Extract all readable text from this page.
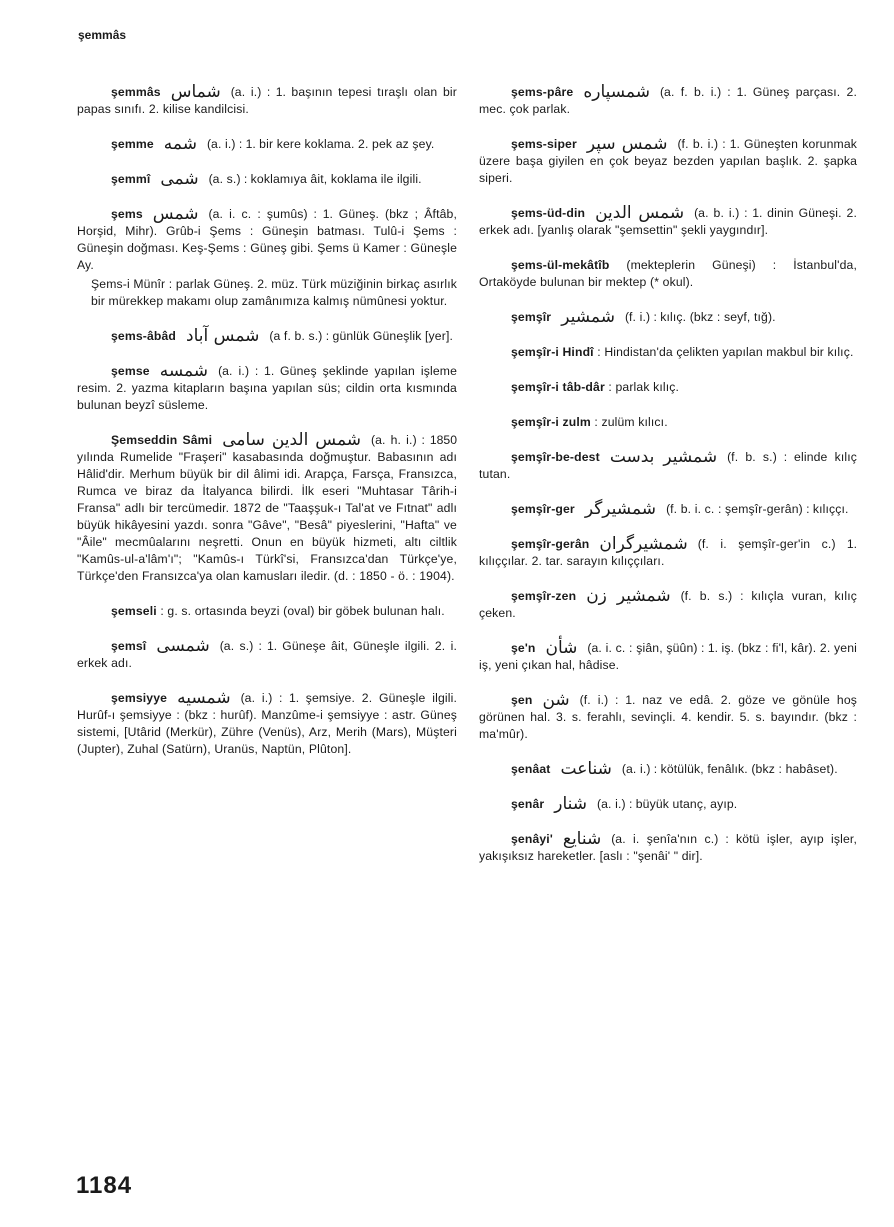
şemmâs
şemmâs شماس (a. i.) : 1. başının tepesi tıraşlı olan bir papas sınıfı. 2. kilise kandilcisi.
şemme شمه (a. i.) : 1. bir kere koklama. 2. pek az şey.
şemmî شمی (a. s.) : koklamıya âit, koklama ile ilgili.
şems شمس (a. i. c. : şumûs) : 1. Güneş. (bkz ; Âftâb, Horşid, Mihr). Grûb-i Şems : Güneşin batması. Tulû-i Şems : Güneşin doğması. Keş-Şems : Güneş gibi. Şems ü Kamer : Güneşle Ay.
Şems-i Münîr : parlak Güneş. 2. müz. Türk müziğinin birkaç asırlık bir mürekkep makamı olup zamânımıza kalmış nümûnesi yoktur.
şems-âbâd شمس آباد (a f. b. s.) : günlük Güneşlik [yer].
şemse شمسه (a. i.) : 1. Güneş şeklinde yapılan işleme resim. 2. yazma kitapların başına yapılan süs; cildin orta kısmında bulunan beyzî süsleme.
Şemseddin Sâmi شمس الدين سامى (a. h. i.) : 1850 yılında Rumelide "Fraşeri" kasabasında doğmuştur. Babasının adı Hâlid'dir. Merhum büyük bir dil âlimi idi. Arapça, Farsça, Fransızca, Rumca ve biraz da İtalyanca bilirdi. İlk eseri "Muhtasar Târih-i Fransa" adlı bir tercümedir. 1872 de "Taaşşuk-ı Tal'at ve Fıtnat" adlı büyük hikâyesini yazdı. sonra "Gâve", "Besâ" piyeslerini, "Hafta" ve "Âile" mecmûalarını neşretti. Onun en büyük hizmeti, altı ciltlik "Kamûs-ul-a'lâm'ı"; "Kamûs-ı Türkî'si, Fransızca'dan Türkçe'ye, Türkçe'den Fransızca'ya olan kamusları iledir. (d. : 1850 - ö. : 1904).
şemseli : g. s. ortasında beyzi (oval) bir göbek bulunan halı.
şemsî شمسى (a. s.) : 1. Güneşe âit, Güneşle ilgili. 2. i. erkek adı.
şemsiyye شمسيه (a. i.) : 1. şemsiye. 2. Güneşle ilgili. Hurûf-ı şemsiyye : (bkz : hurûf). Manzûme-i şemsiyye : astr. Güneş sistemi, [Utârid (Merkür), Zühre (Venüs), Arz, Merih (Mars), Müşteri (Jupter), Zuhal (Satürn), Uranüs, Naptün, Plûton].
şems-pâre شمسپاره (a. f. b. i.) : 1. Güneş parçası. 2. mec. çok parlak.
şems-siper شمس سپر (f. b. i.) : 1. Güneşten korunmak üzere başa giyilen en çok beyaz bezden yapılan başlık. 2. şapka siperi.
şems-üd-din شمس الدين (a. b. i.) : 1. dinin Güneşi. 2. erkek adı. [yanlış olarak "şemsettin" şekli yaygındır].
şems-ül-mekâtîb (mekteplerin Güneşi) : İstanbul'da, Ortaköyde bulunan bir mektep (* okul).
şemşîr شمشير (f. i.) : kılıç. (bkz : seyf, tığ).
şemşîr-i Hindî : Hindistan'da çelikten yapılan makbul bir kılıç.
şemşîr-i tâb-dâr : parlak kılıç.
şemşîr-i zulm : zulüm kılıcı.
şemşîr-be-dest شمشير بدست (f. b. s.) : elinde kılıç tutan.
şemşîr-ger شمشيرگر (f. b. i. c. : şemşîr-gerân) : kılıççı.
şemşîr-gerân شمشيرگران (f. i. şemşîr-ger'in c.) 1. kılıççılar. 2. tar. sarayın kılıççıları.
şemşîr-zen شمشير زن (f. b. s.) : kılıçla vuran, kılıç çeken.
şe'n شأن (a. i. c. : şiân, şüûn) : 1. iş. (bkz : fi'l, kâr). 2. yeni iş, yeni çıkan hal, hâdise.
şen شن (f. i.) : 1. naz ve edâ. 2. göze ve gönüle hoş görünen hal. 3. s. ferahlı, sevinçli. 4. kendir. 5. s. bayındır. (bkz : ma'mûr).
şenâat شناعت (a. i.) : kötülük, fenâlık. (bkz : habâset).
şenâr شنار (a. i.) : büyük utanç, ayıp.
şenâyi' شنايع (a. i. şenîa'nın c.) : kötü işler, ayıp işler, yakışıksız hareketler. [aslı : "şenâi' " dir].
1184
